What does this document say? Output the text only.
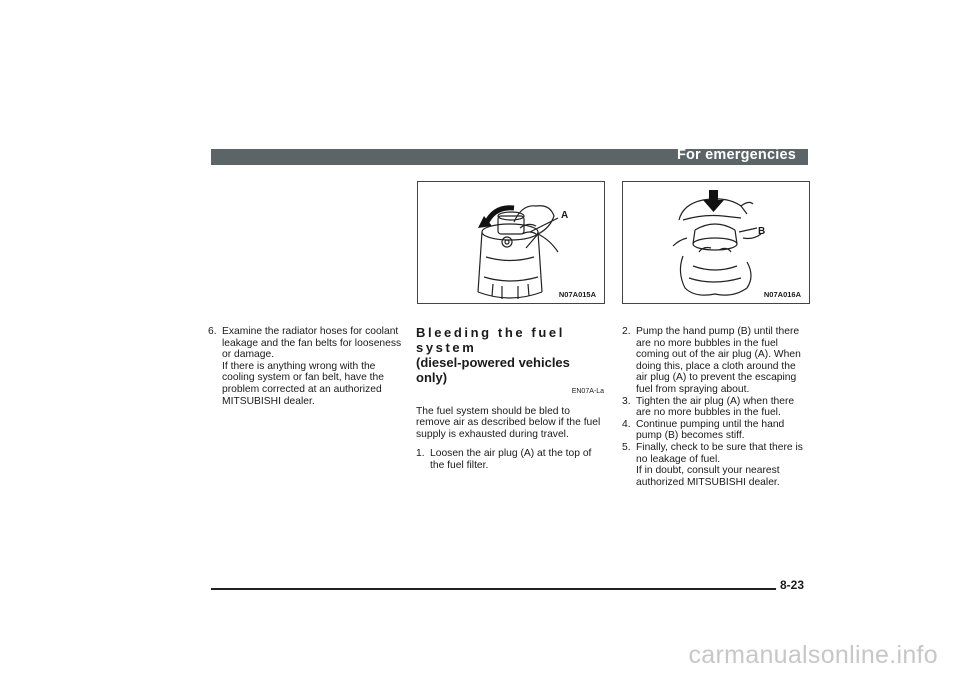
For emergencies
A
N07A015A
B
N07A016A
6. Examine the radiator hoses for coolant leakage and the fan belts for looseness or damage.

If there is anything wrong with the cooling system or fan belt, have the problem corrected at an authorized MITSUBISHI dealer.

Bleeding the fuel system
(diesel-powered vehicles only)
EN07A-La

The fuel system should be bled to remove air as described below if the fuel supply is exhausted during travel.

1. Loosen the air plug (A) at the top of the fuel filter.

2. Pump the hand pump (B) until there are no more bubbles in the fuel coming out of the air plug (A). When doing this, place a cloth around the air plug (A) to prevent the escaping fuel from spraying about.

3. Tighten the air plug (A) when there are no more bubbles in the fuel.

4. Continue pumping until the hand pump (B) becomes stiff.

5. Finally, check to be sure that there is no leakage of fuel.

If in doubt, consult your nearest authorized MITSUBISHI dealer.

8-23
carmanualsonline.info
